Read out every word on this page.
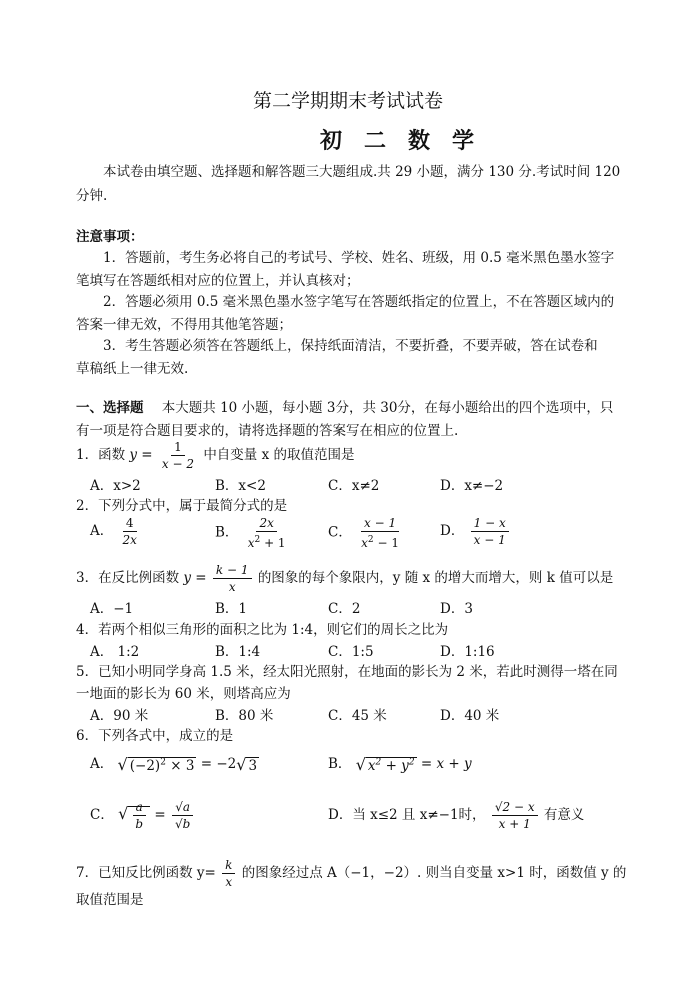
第二学期期末考试试卷
初二数学
本试卷由填空题、选择题和解答题三大题组成.共 29 小题，满分 130 分.考试时间 120
分钟.
注意事项：
1．答题前，考生务必将自己的考试号、学校、姓名、班级，用 0.5 毫米黑色墨水签字
笔填写在答题纸相对应的位置上，并认真核对；
2．答题必须用 0.5 毫米黑色墨水签字笔写在答题纸指定的位置上，不在答题区域内的
答案一律无效，不得用其他笔答题；
3．考生答题必须答在答题纸上，保持纸面清洁，不要折叠，不要弄破，答在试卷和
草稿纸上一律无效.
一、选择题 本大题共 10 小题，每小题 3分，共 30分，在每小题给出的四个选项中，只
有一项是符合题目要求的，请将选择题的答案写在相应的位置上.
1．函数 $y = \frac{1}{x - 2}$ 中自变量 x 的取值范围是
A．x>2	B．x<2	C．x≠2	D．x≠−2
2．下列分式中，属于最简分式的是
A． $\frac{4}{2x}$	B． $\frac{2x}{x^2 + 1}$	C． $\frac{x - 1}{x^2 - 1}$	D． $\frac{1 - x}{x - 1}$
3．在反比例函数 $y = \frac{k - 1}{x}$ 的图象的每个象限内，y 随 x 的增大而增大，则 k 值可以是
A．−1	B．1	C．2	D．3
4．若两个相似三角形的面积之比为 1:4，则它们的周长之比为
A． 1:2	B．1:4	C．1:5	D．1:16
5．已知小明同学身高 1.5 米，经太阳光照射，在地面的影长为 2 米，若此时测得一塔在同
一地面的影长为 60 米，则塔高应为
A．90 米	B．80 米	C．45 米	D．40 米
6．下列各式中，成立的是
A． √ $(-2)^2 \times 3 = -2√$ 3	B． √ $x^2 + y^2 = x + y$
C． √ $\frac{a}{b} = \frac{√a}{√b}$	D．当 x≤2 且 x≠−1时， $\frac{√2 - x}{x + 1}$ 有意义
7．已知反比例函数 $y= \frac{k}{x}$ 的图象经过点 A（−1，−2）. 则当自变量 x>1 时，函数值 y 的
取值范围是
